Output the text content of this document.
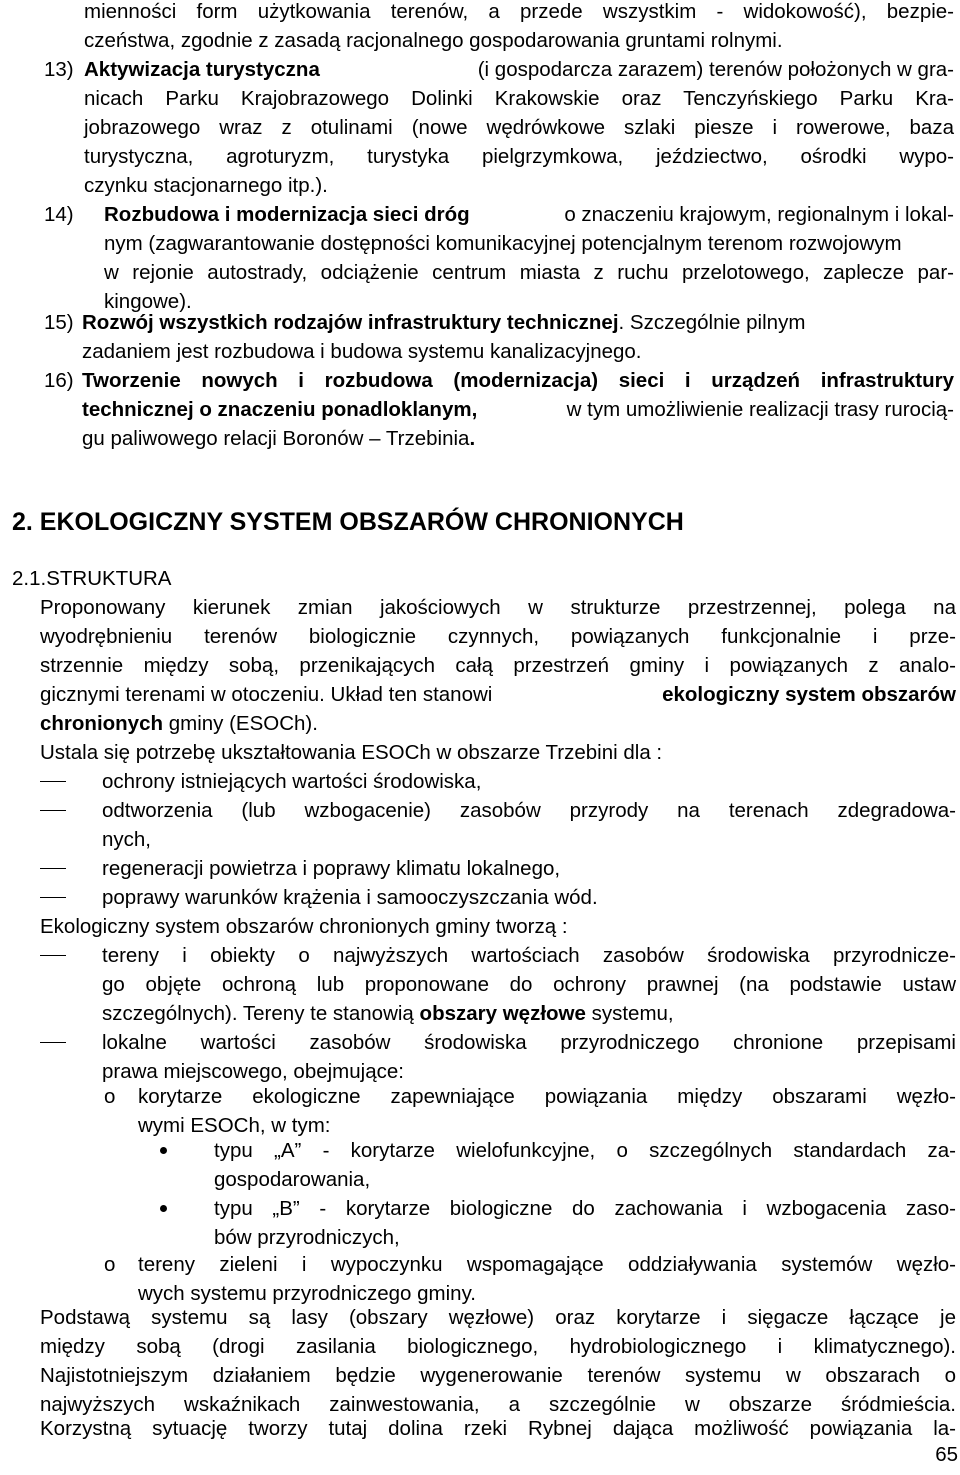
mienności form użytkowania terenów, a przede wszystkim - widokowość), bezpie-
czeństwa, zgodnie z zasadą racjonalnego gospodarowania gruntami rolnymi.
13) Aktywizacja turystyczna	(i gospodarcza zarazem) terenów położonych w gra-
nicach Parku Krajobrazowego Dolinki Krakowskie oraz Tenczyńskiego Parku Kra-
jobrazowego wraz z otulinami (nowe wędrówkowe szlaki piesze i rowerowe, baza
turystyczna, agroturyzm, turystyka pielgrzymkowa, jeździectwo, ośrodki wypo-
czynku stacjonarnego itp.).
14) Rozbudowa i modernizacja sieci dróg	o znaczeniu krajowym, regionalnym i lokal-
nym (zagwarantowanie dostępności komunikacyjnej potencjalnym terenom rozwojowym
w rejonie autostrady, odciążenie centrum miasta z ruchu przelotowego, zaplecze par-
kingowe).
15) Rozwój wszystkich rodzajów infrastruktury technicznej. Szczególnie pilnym
zadaniem jest rozbudowa i budowa systemu kanalizacyjnego.
16) Tworzenie nowych i rozbudowa (modernizacja) sieci i urządzeń infrastruktury
technicznej o znaczeniu ponadloklanym,	w tym umożliwienie realizacji trasy rurocią-
gu paliwowego relacji Boronów – Trzebinia.
2. EKOLOGICZNY SYSTEM OBSZARÓW CHRONIONYCH
2.1.STRUKTURA
Proponowany kierunek zmian jakościowych w strukturze przestrzennej, polega na
wyodrębnieniu terenów biologicznie czynnych, powiązanych funkcjonalnie i prze-
strzennie między sobą, przenikających całą przestrzeń gminy i powiązanych z analo-
gicznymi terenami w otoczeniu. Układ ten stanowi	ekologiczny system obszarów
chronionych gminy (ESOCh).
Ustala się potrzebę ukształtowania ESOCh w obszarze Trzebini dla :
ochrony istniejących wartości środowiska,
odtworzenia (lub wzbogacenie) zasobów przyrody na terenach zdegradowa-
nych,
regeneracji powietrza i poprawy klimatu lokalnego,
poprawy warunków krążenia i samooczyszczania wód.
Ekologiczny system obszarów chronionych gminy tworzą :
tereny i obiekty o najwyższych wartościach zasobów środowiska przyrodnicze-
go objęte ochroną lub proponowane do ochrony prawnej (na podstawie ustaw
szczególnych). Tereny te stanowią obszary węzłowe systemu,
lokalne wartości zasobów środowiska przyrodniczego chronione przepisami
prawa miejscowego, obejmujące:
o korytarze ekologiczne zapewniające powiązania między obszarami węzło-
wymi ESOCh, w tym:
typu „A” - korytarze wielofunkcyjne, o szczególnych standardach za-
gospodarowania,
typu „B” - korytarze biologiczne do zachowania i wzbogacenia zaso-
bów przyrodniczych,
o tereny zieleni i wypoczynku wspomagające oddziaływania systemów węzło-
wych systemu przyrodniczego gminy.
Podstawą systemu są lasy (obszary węzłowe) oraz korytarze i sięgacze łączące je
między sobą (drogi zasilania biologicznego, hydrobiologicznego i klimatycznego).
Najistotniejszym działaniem będzie wygenerowanie terenów systemu w obszarach o
najwyższych wskaźnikach zainwestowania, a szczególnie w obszarze śródmieścia.
Korzystną sytuację tworzy tutaj dolina rzeki Rybnej dająca możliwość powiązania la-
65
